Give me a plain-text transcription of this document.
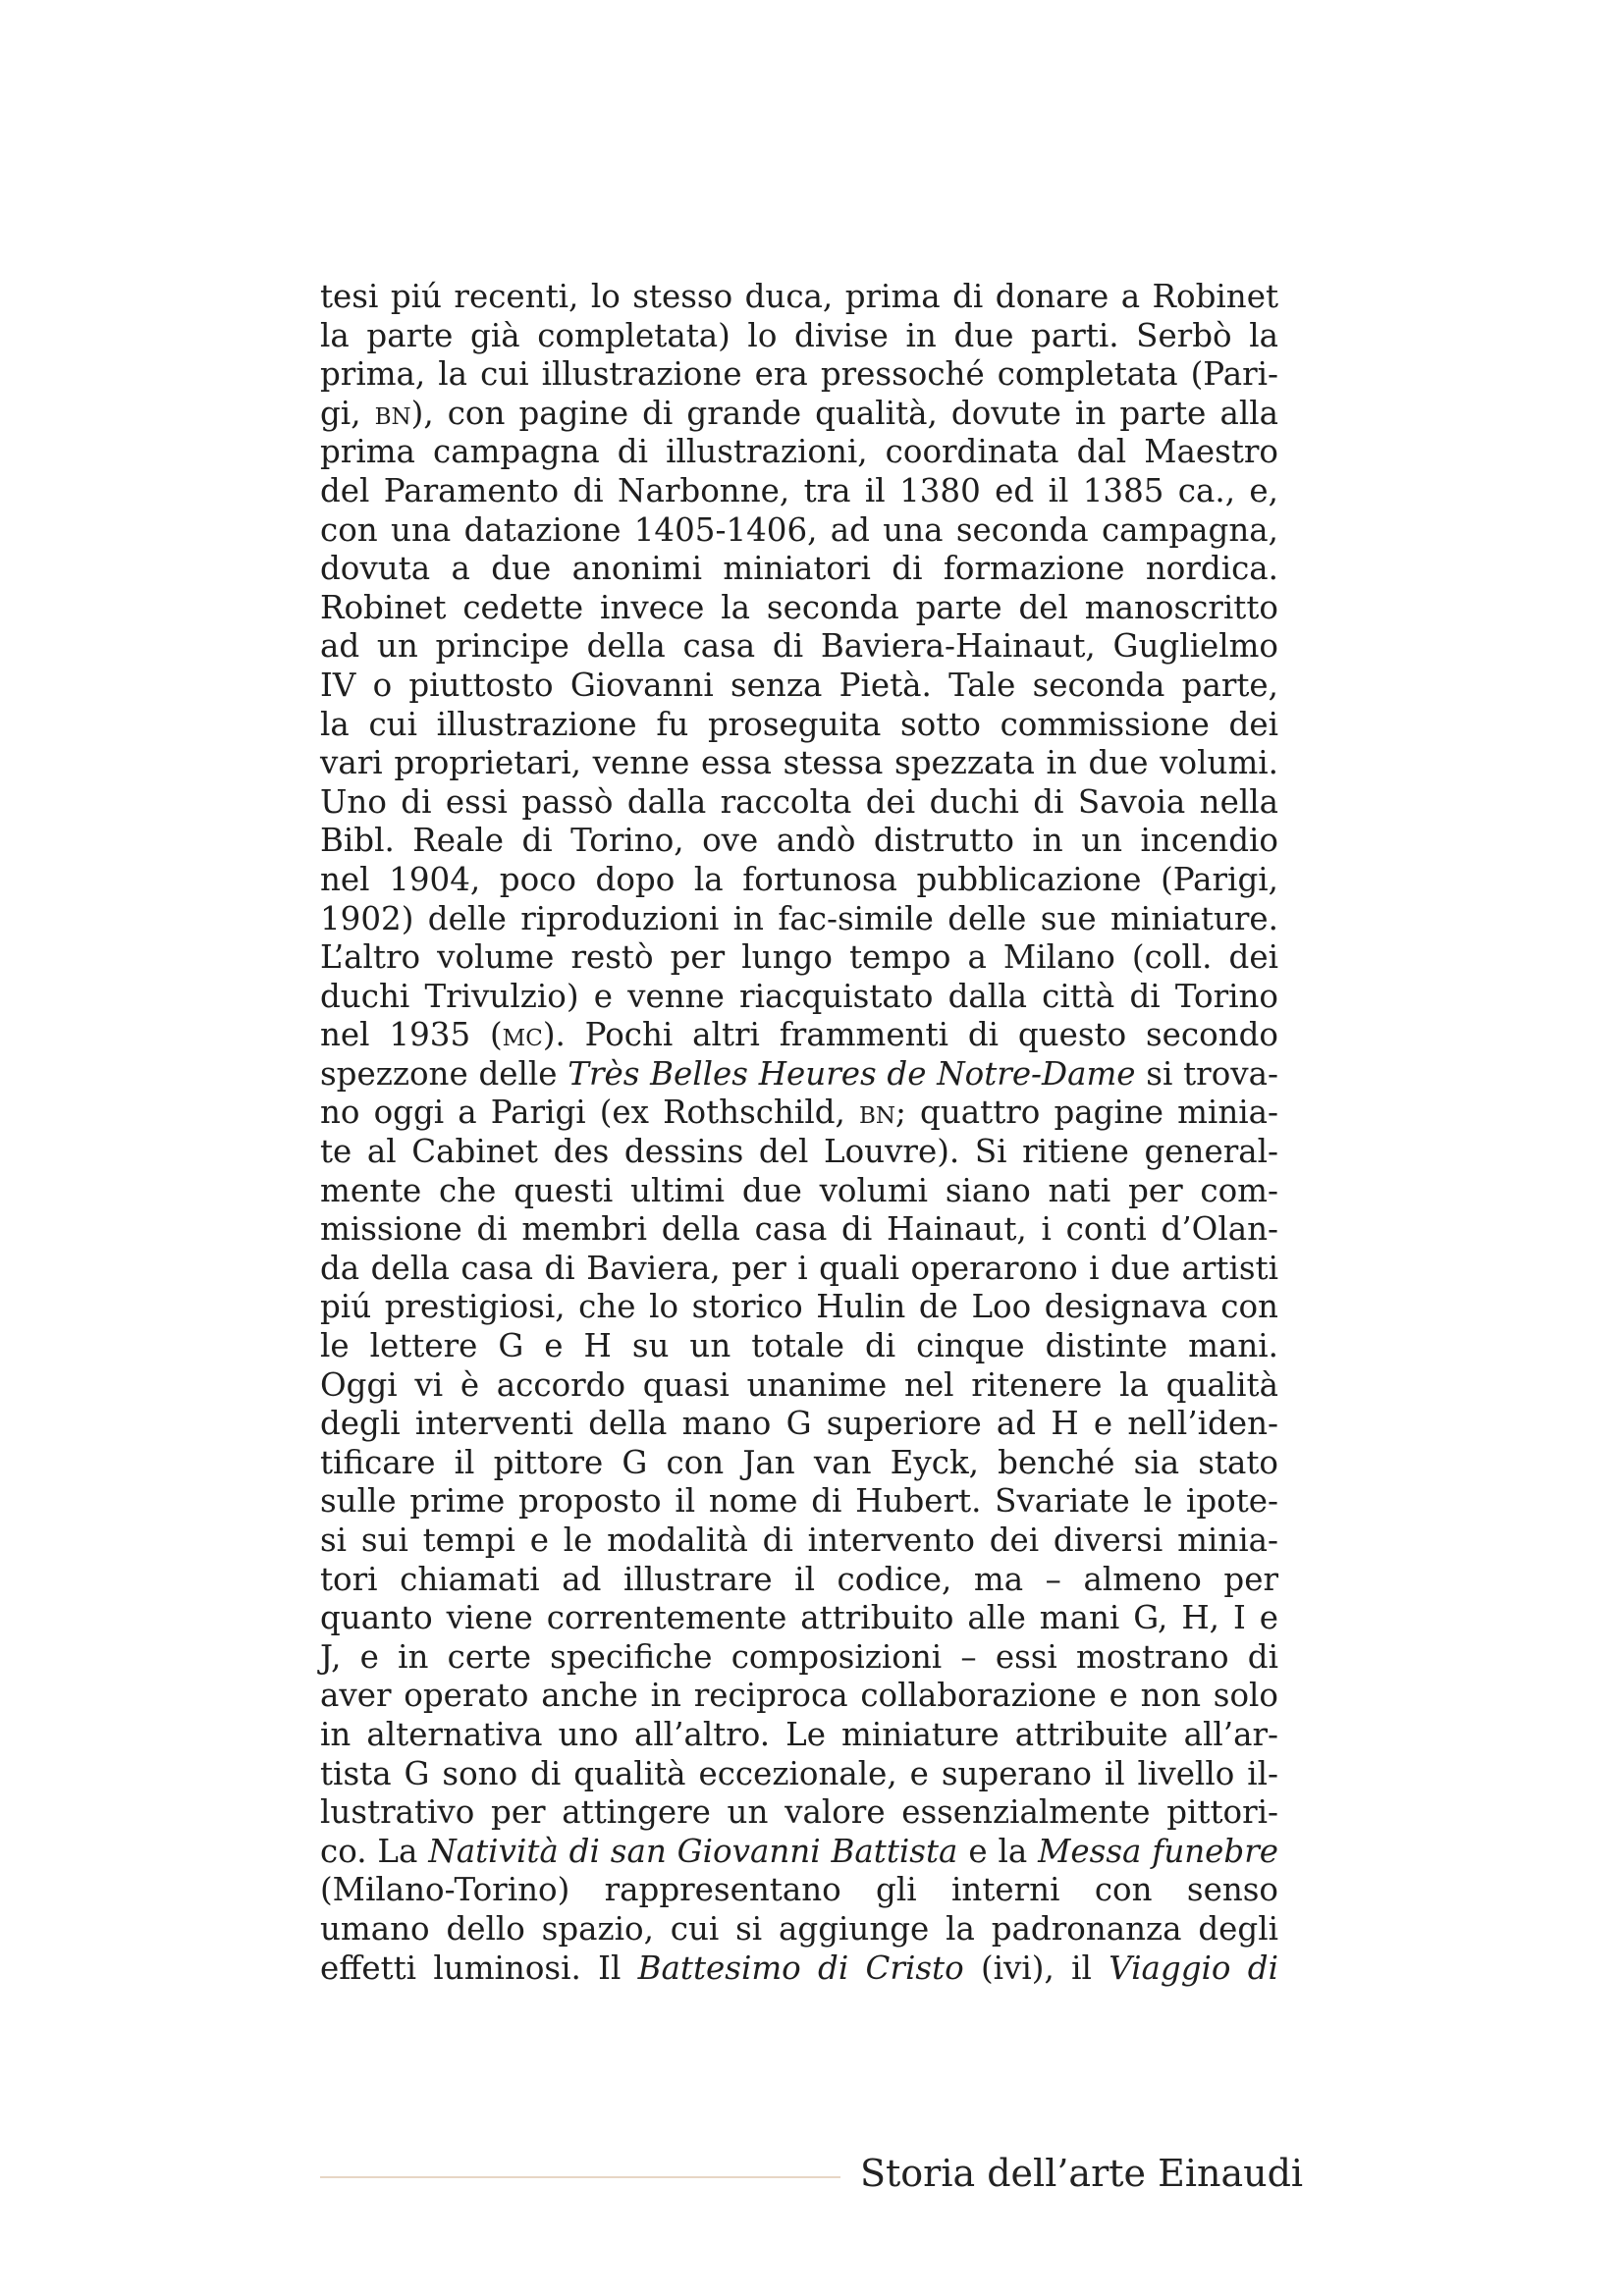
tesi piú recenti, lo stesso duca, prima di donare a Robinet
la parte già completata) lo divise in due parti. Serbò la
prima, la cui illustrazione era pressoché completata (Pari-
gi, bn), con pagine di grande qualità, dovute in parte alla
prima campagna di illustrazioni, coordinata dal Maestro
del Paramento di Narbonne, tra il 1380 ed il 1385 ca., e,
con una datazione 1405-1406, ad una seconda campagna,
dovuta a due anonimi miniatori di formazione nordica.
Robinet cedette invece la seconda parte del manoscritto
ad un principe della casa di Baviera-Hainaut, Guglielmo
IV o piuttosto Giovanni senza Pietà. Tale seconda parte,
la cui illustrazione fu proseguita sotto commissione dei
vari proprietari, venne essa stessa spezzata in due volumi.
Uno di essi passò dalla raccolta dei duchi di Savoia nella
Bibl. Reale di Torino, ove andò distrutto in un incendio
nel 1904, poco dopo la fortunosa pubblicazione (Parigi,
1902) delle riproduzioni in fac-simile delle sue miniature.
L’altro volume restò per lungo tempo a Milano (coll. dei
duchi Trivulzio) e venne riacquistato dalla città di Torino
nel 1935 (mc). Pochi altri frammenti di questo secondo
spezzone delle Très Belles Heures de Notre-Dame si trova-
no oggi a Parigi (ex Rothschild, bn; quattro pagine minia-
te al Cabinet des dessins del Louvre). Si ritiene general-
mente che questi ultimi due volumi siano nati per com-
missione di membri della casa di Hainaut, i conti d’Olan-
da della casa di Baviera, per i quali operarono i due artisti
piú prestigiosi, che lo storico Hulin de Loo designava con
le lettere G e H su un totale di cinque distinte mani.
Oggi vi è accordo quasi unanime nel ritenere la qualità
degli interventi della mano G superiore ad H e nell’iden-
tificare il pittore G con Jan van Eyck, benché sia stato
sulle prime proposto il nome di Hubert. Svariate le ipote-
si sui tempi e le modalità di intervento dei diversi minia-
tori chiamati ad illustrare il codice, ma – almeno per
quanto viene correntemente attribuito alle mani G, H, I e
J, e in certe specifiche composizioni – essi mostrano di
aver operato anche in reciproca collaborazione e non solo
in alternativa uno all’altro. Le miniature attribuite all’ar-
tista G sono di qualità eccezionale, e superano il livello il-
lustrativo per attingere un valore essenzialmente pittori-
co. La Natività di san Giovanni Battista e la Messa funebre
(Milano-Torino) rappresentano gli interni con senso
umano dello spazio, cui si aggiunge la padronanza degli
effetti luminosi. Il Battesimo di Cristo (ivi), il Viaggio di
Storia dell’arte Einaudi
